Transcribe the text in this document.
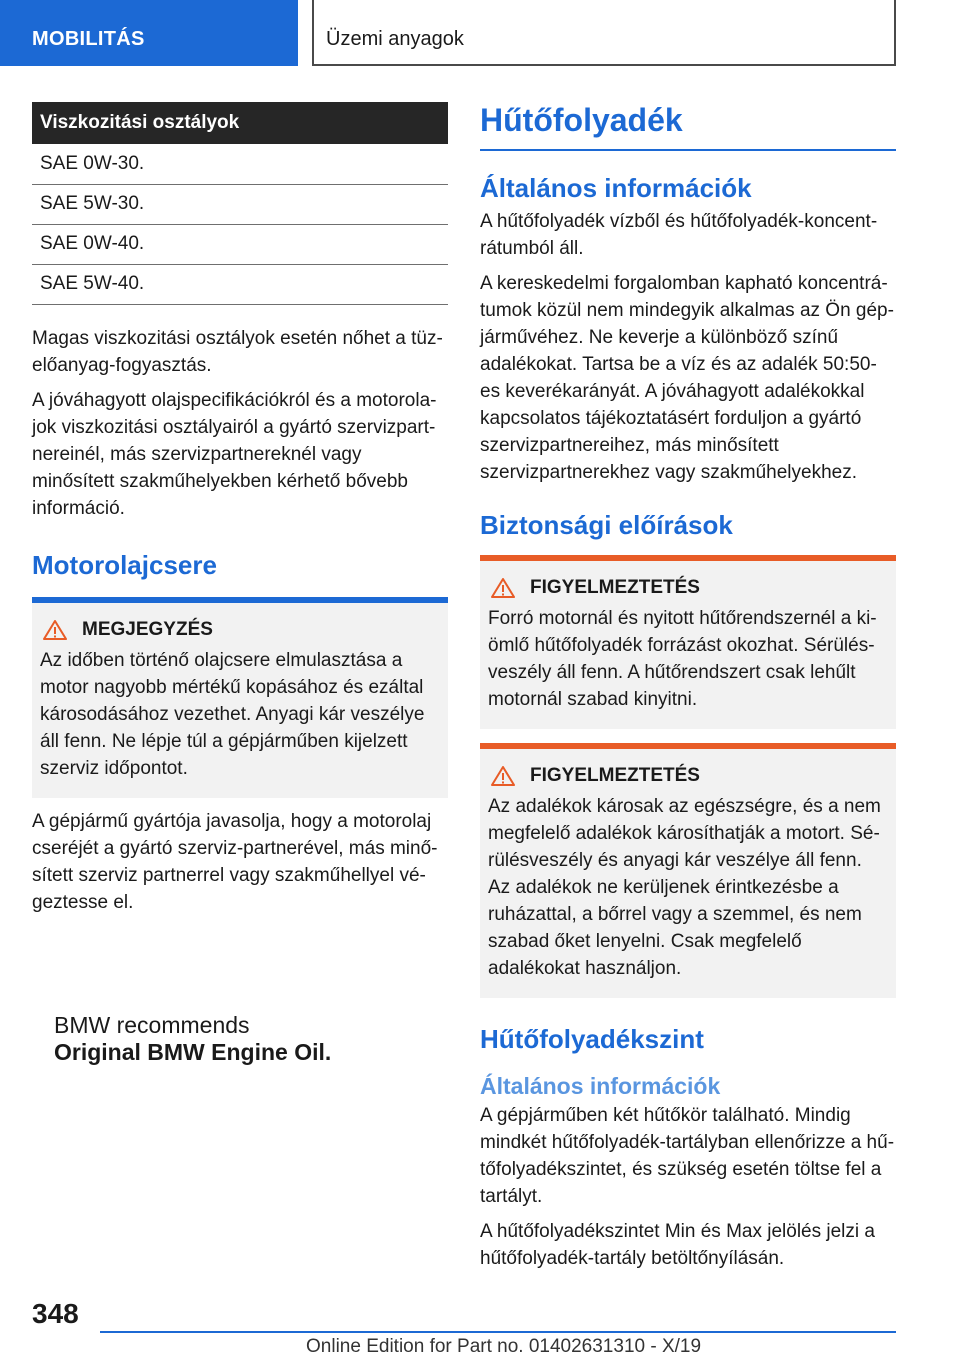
MOBILITÁS	Üzemi anyagok
Viszkozitási osztályok
SAE 0W-30.
SAE 5W-30.
SAE 0W-40.
SAE 5W-40.

Magas viszkozitási osztályok esetén nőhet a tüzelőanyag-fogyasztás.

A jóváhagyott olajspecifikációkról és a motorolajok viszkozitási osztályairól a gyártó szervizpartnereinél, más szervizpartnereknél vagy minősített szakműhelyekben kérhető bővebb információ.

Motorolajcsere
MEGJEGYZÉS

Az időben történő olajcsere elmulasztása a motor nagyobb mértékű kopásához és ezáltal károsodásához vezethet. Anyagi kár veszélye áll fenn. Ne lépje túl a gépjárműben kijelzett szerviz időpontot.

A gépjármű gyártója javasolja, hogy a motorolaj cseréjét a gyártó szerviz-partnerével, más minősített szerviz partnerrel vagy szakműhellyel végeztesse el.

BMW recommends
Original BMW Engine Oil.
Hűtőfolyadék
Általános információk

A hűtőfolyadék vízből és hűtőfolyadék-koncentrátumból áll.

A kereskedelmi forgalomban kapható koncentrátumok közül nem mindegyik alkalmas az Ön gépjárművéhez. Ne keverje a különböző színű adalékokat. Tartsa be a víz és az adalék 50:50-es keverékarányát. A jóváhagyott adalékokkal kapcsolatos tájékoztatásért forduljon a gyártó szervizpartnereihez, más minősített szervizpartnerekhez vagy szakműhelyekhez.

Biztonsági előírások
FIGYELMEZTETÉS

Forró motornál és nyitott hűtőrendszernél a kiömlő hűtőfolyadék forrázást okozhat. Sérülésveszély áll fenn. A hűtőrendszert csak lehűlt motornál szabad kinyitni.

FIGYELMEZTETÉS

Az adalékok károsak az egészségre, és a nem megfelelő adalékok károsíthatják a motort. Sérülésveszély és anyagi kár veszélye áll fenn. Az adalékok ne kerüljenek érintkezésbe a ruházattal, a bőrrel vagy a szemmel, és nem szabad őket lenyelni. Csak megfelelő adalékokat használjon.

Hűtőfolyadékszint
Általános információk

A gépjárműben két hűtőkör található. Mindig mindkét hűtőfolyadék-tartályban ellenőrizze a hűtőfolyadékszintet, és szükség esetén töltse fel a tartályt.

A hűtőfolyadékszintet Min és Max jelölés jelzi a hűtőfolyadék-tartály betöltőnyílásán.

348
Online Edition for Part no. 01402631310 - X/19
